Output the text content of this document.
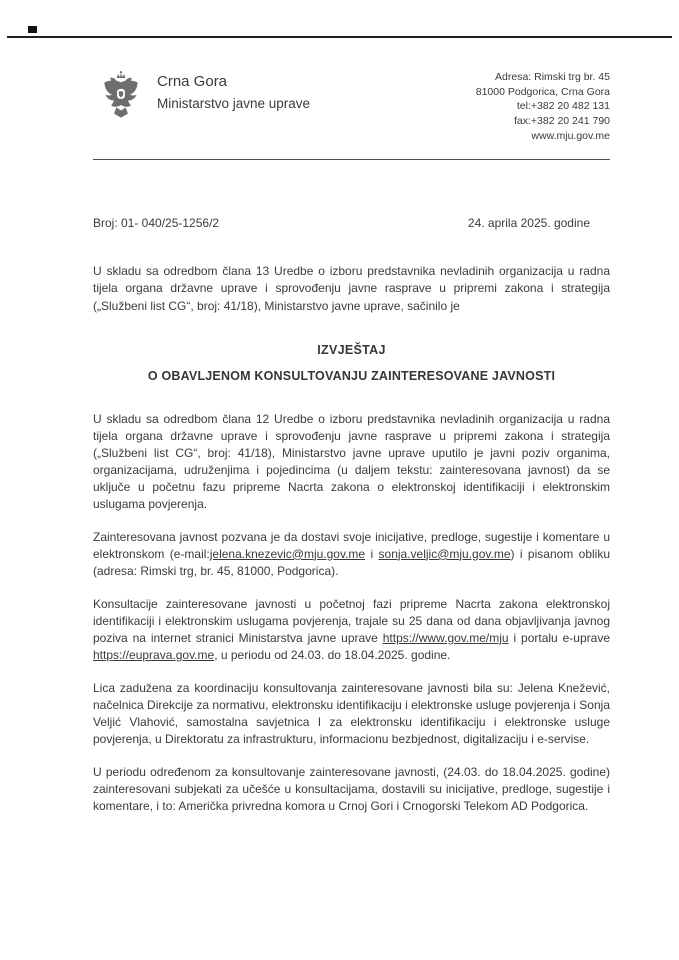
Crna Gora
Ministarstvo javne uprave
Adresa: Rimski trg br. 45
81000 Podgorica, Crna Gora
tel:+382 20 482 131
fax:+382 20 241 790
www.mju.gov.me
Broj: 01- 040/25-1256/2	24. aprila 2025. godine

U skladu sa odredbom člana 13 Uredbe o izboru predstavnika nevladinih organizacija u radna tijela organa državne uprave i sprovođenju javne rasprave u pripremi zakona i strategija („Službeni list CG“, broj: 41/18), Ministarstvo javne uprave, sačinilo je

IZVJEŠTAJ
O OBAVLJENOM KONSULTOVANJU ZAINTERESOVANE JAVNOSTI

U skladu sa odredbom člana 12 Uredbe o izboru predstavnika nevladinih organizacija u radna tijela organa državne uprave i sprovođenju javne rasprave u pripremi zakona i strategija („Službeni list CG“, broj: 41/18), Ministarstvo javne uprave uputilo je javni poziv organima, organizacijama, udruženjima i pojedincima (u daljem tekstu: zainteresovana javnost) da se uključe u početnu fazu pripreme Nacrta zakona o elektronskoj identifikaciji i elektronskim uslugama povjerenja.

Zainteresovana javnost pozvana je da dostavi svoje inicijative, predloge, sugestije i komentare u elektronskom (e-mail:jelena.knezevic@mju.gov.me i sonja.veljic@mju.gov.me) i pisanom obliku (adresa: Rimski trg, br. 45, 81000, Podgorica).

Konsultacije zainteresovane javnosti u početnoj fazi pripreme Nacrta zakona elektronskoj identifikaciji i elektronskim uslugama povjerenja, trajale su 25 dana od dana objavljivanja javnog poziva na internet stranici Ministarstva javne uprave https://www.gov.me/mju i portalu e-uprave https://euprava.gov.me, u periodu od 24.03. do 18.04.2025. godine.

Lica zadužena za koordinaciju konsultovanja zainteresovane javnosti bila su: Jelena Knežević, načelnica Direkcije za normativu, elektronsku identifikaciju i elektronske usluge povjerenja i Sonja Veljić Vlahović, samostalna savjetnica I za elektronsku identifikaciju i elektronske usluge povjerenja, u Direktoratu za infrastrukturu, informacionu bezbjednost, digitalizaciju i e-servise.

U periodu određenom za konsultovanje zainteresovane javnosti, (24.03. do 18.04.2025. godine) zainteresovani subjekati za učešće u konsultacijama, dostavili su inicijative, predloge, sugestije i komentare, i to: Američka privredna komora u Crnoj Gori i Crnogorski Telekom AD Podgorica.
